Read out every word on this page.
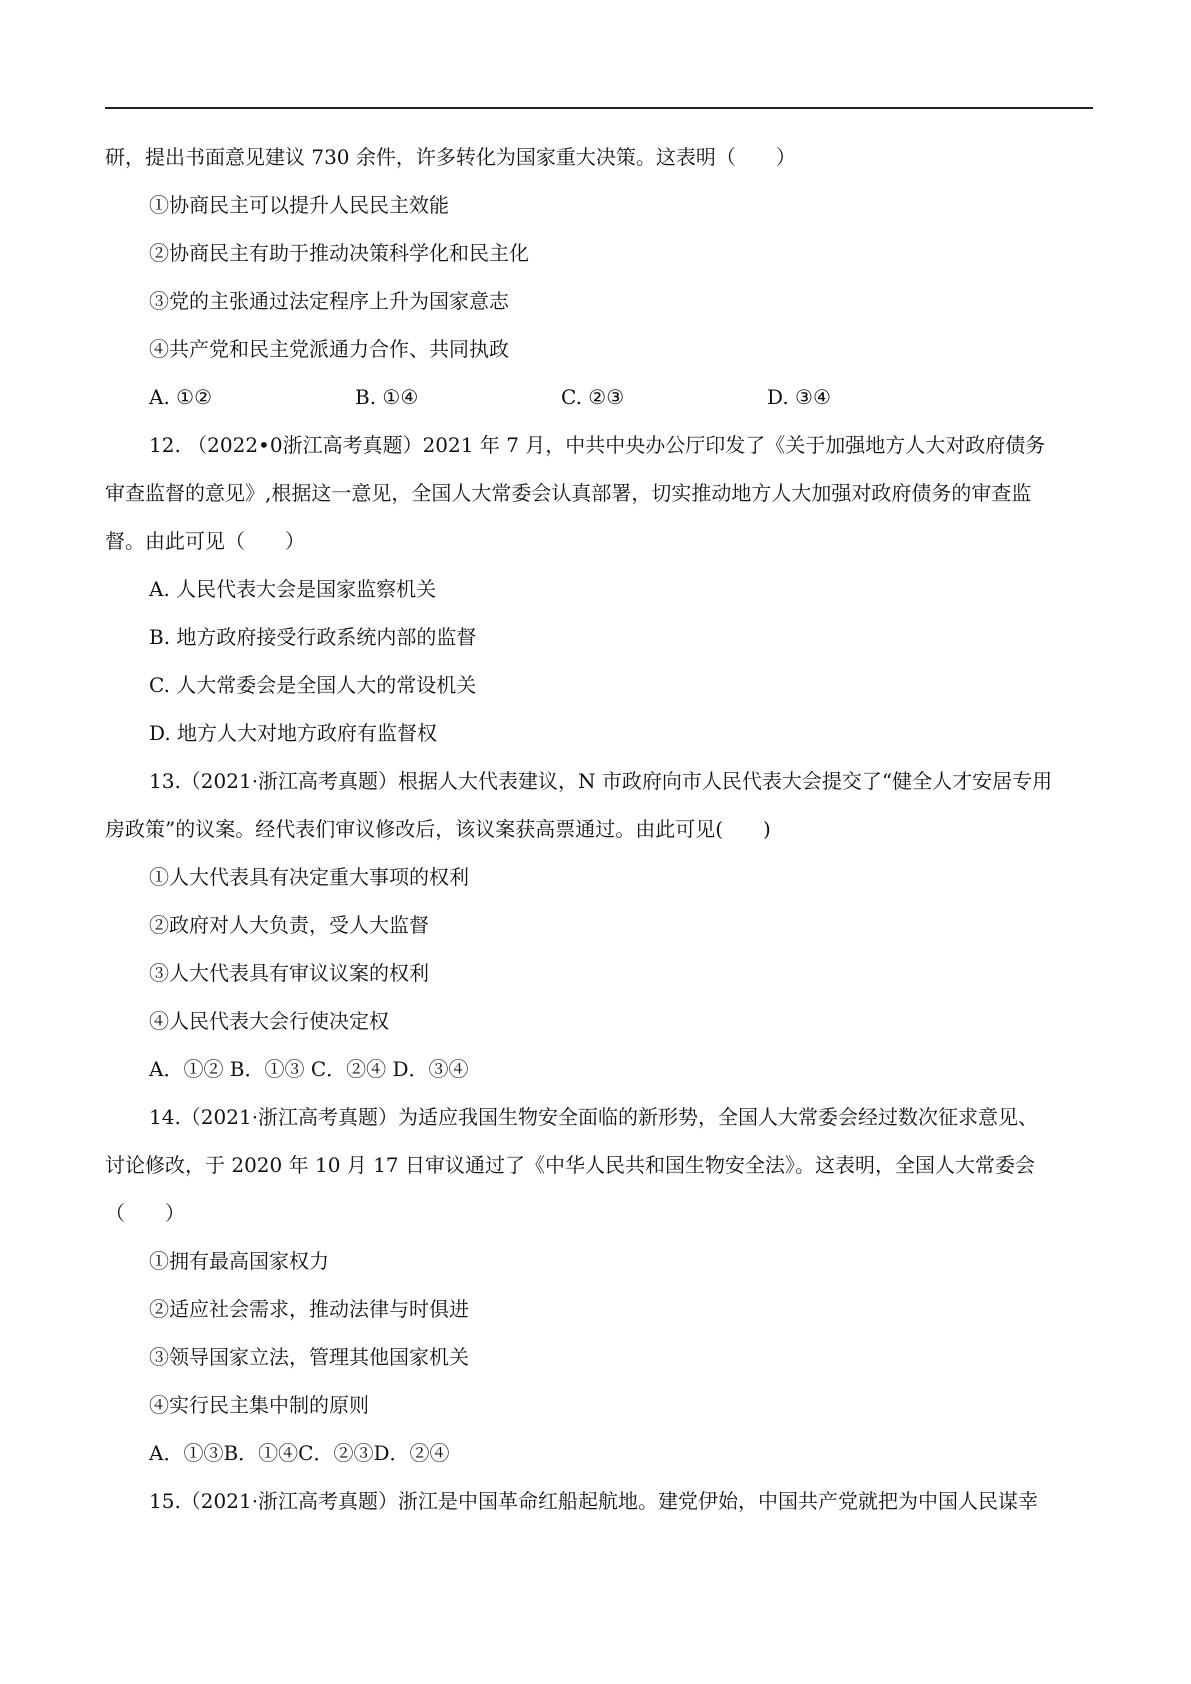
研，提出书面意见建议 730 余件，许多转化为国家重大决策。这表明（　　）
①协商民主可以提升人民民主效能
②协商民主有助于推动决策科学化和民主化
③党的主张通过法定程序上升为国家意志
④共产党和民主党派通力合作、共同执政
A. ①②	B. ①④	C. ②③	D. ③④
12. （2022•0浙江高考真题）2021 年 7 月，中共中央办公厅印发了《关于加强地方人大对政府债务
审查监督的意见》,根据这一意见，全国人大常委会认真部署，切实推动地方人大加强对政府债务的审查监
督。由此可见（　　）
A. 人民代表大会是国家监察机关
B. 地方政府接受行政系统内部的监督
C. 人大常委会是全国人大的常设机关
D. 地方人大对地方政府有监督权
13.（2021·浙江高考真题）根据人大代表建议，N 市政府向市人民代表大会提交了“健全人才安居专用
房政策”的议案。经代表们审议修改后，该议案获高票通过。由此可见(　　)
①人大代表具有决定重大事项的权利
②政府对人大负责，受人大监督
③人大代表具有审议议案的权利
④人民代表大会行使决定权
A．①② B．①③ C．②④ D．③④
14.（2021·浙江高考真题）为适应我国生物安全面临的新形势，全国人大常委会经过数次征求意见、
讨论修改，于 2020 年 10 月 17 日审议通过了《中华人民共和国生物安全法》。这表明，全国人大常委会
（　　）
①拥有最高国家权力
②适应社会需求，推动法律与时俱进
③领导国家立法，管理其他国家机关
④实行民主集中制的原则
A．①③B．①④C．②③D．②④
15.（2021·浙江高考真题）浙江是中国革命红船起航地。建党伊始，中国共产党就把为中国人民谋幸
